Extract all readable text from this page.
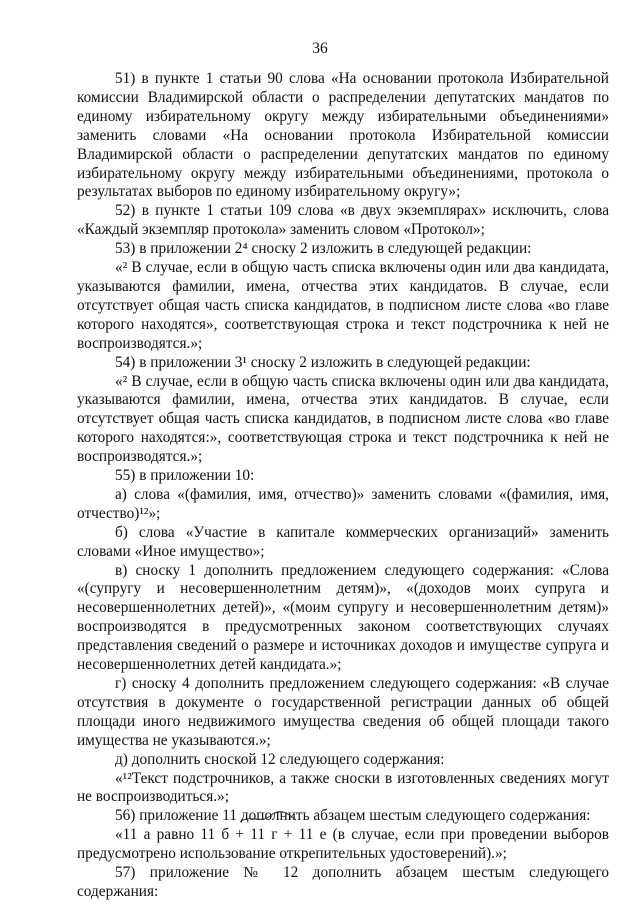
36

51) в пункте 1 статьи 90 слова «На основании протокола Избирательной комиссии Владимирской области о распределении депутатских мандатов по единому избирательному округу между избирательными объединениями» заменить словами «На основании протокола Избирательной комиссии Владимирской области о распределении депутатских мандатов по единому избирательному округу между избирательными объединениями, протокола о результатах выборов по единому избирательному округу»;

52) в пункте 1 статьи 109 слова «в двух экземплярах» исключить, слова «Каждый экземпляр протокола» заменить словом «Протокол»;

53) в приложении 2⁴ сноску 2 изложить в следующей редакции:

«² В случае, если в общую часть списка включены один или два кандидата, указываются фамилии, имена, отчества этих кандидатов. В случае, если отсутствует общая часть списка кандидатов, в подписном листе слова «во главе которого находятся», соответствующая строка и текст подстрочника к ней не воспроизводятся.»;

54) в приложении 3¹ сноску 2 изложить в следующей редакции:

«² В случае, если в общую часть списка включены один или два кандидата, указываются фамилии, имена, отчества этих кандидатов. В случае, если отсутствует общая часть списка кандидатов, в подписном листе слова «во главе которого находятся:», соответствующая строка и текст подстрочника к ней не воспроизводятся.»;

55) в приложении 10:

а) слова «(фамилия, имя, отчество)» заменить словами «(фамилия, имя, отчество)¹²»;

б) слова «Участие в капитале коммерческих организаций» заменить словами «Иное имущество»;

в) сноску 1 дополнить предложением следующего содержания: «Слова «(супругу и несовершеннолетним детям)», «(доходов моих супруга и несовершеннолетних детей)», «(моим супругу и несовершеннолетним детям)» воспроизводятся в предусмотренных законом соответствующих случаях представления сведений о размере и источниках доходов и имуществе супруга и несовершеннолетних детей кандидата.»;

г) сноску 4 дополнить предложением следующего содержания: «В случае отсутствия в документе о государственной регистрации данных об общей площади иного недвижимого имущества сведения об общей площади такого имущества не указываются.»;

д) дополнить сноской 12 следующего содержания:

«¹²Текст подстрочников, а также сноски в изготовленных сведениях могут не воспроизводиться.»;

56) приложение 11 дополнить абзацем шестым следующего содержания:

«11 а равно 11 б + 11 г + 11 е (в случае, если при проведении выборов предусмотрено использование открепительных удостоверений).»;

57) приложение № 12 дополнить абзацем шестым следующего содержания:
